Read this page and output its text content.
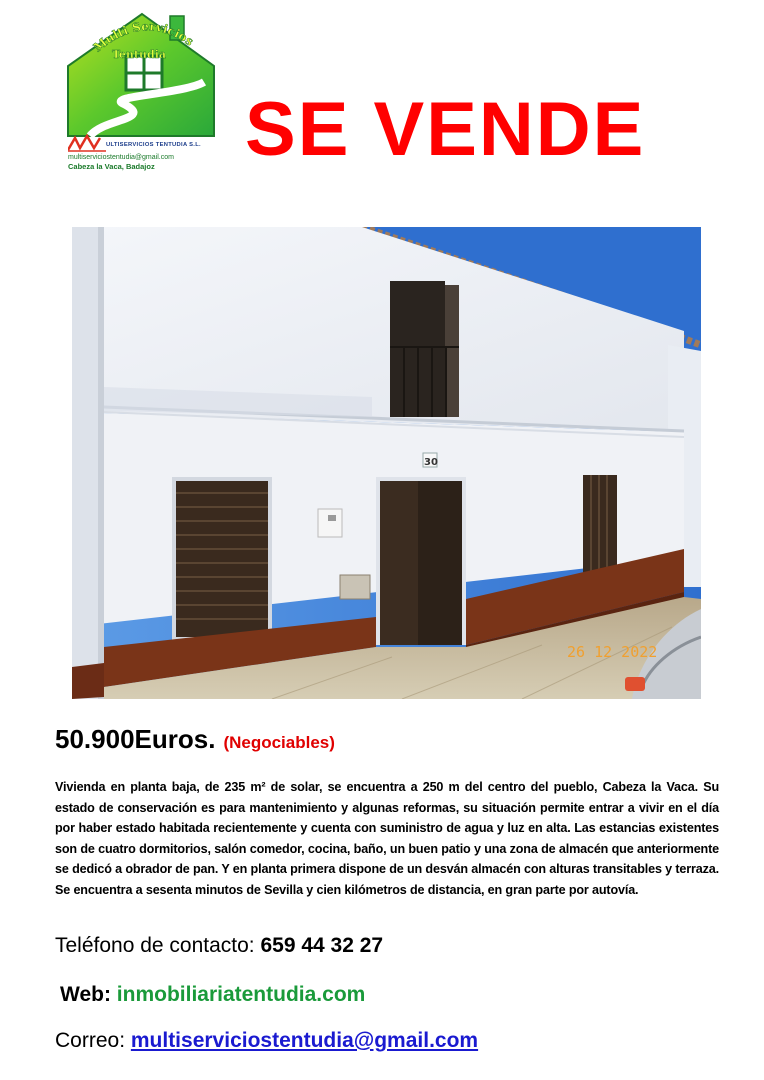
Multi Servicios
Tentudia
ULTISERVICIOS TENTUDIA S.L.
multiserviciostentudia@gmail.com
Cabeza la Vaca, Badajoz SE VENDE
30
26 12 2022
50.900Euros. (Negociables)
Vivienda en planta baja, de 235 m² de solar, se encuentra a 250 m del centro del pueblo, Cabeza la Vaca. Su estado de conservación es para mantenimiento y algunas reformas, su situación permite entrar a vivir en el día por haber estado habitada recientemente y cuenta con suministro de agua y luz en alta. Las estancias existentes son de cuatro dormitorios, salón comedor, cocina, baño, un buen patio y una zona de almacén que anteriormente se dedicó a obrador de pan. Y en planta primera dispone de un desván almacén con alturas transitables y terraza. Se encuentra a sesenta minutos de Sevilla y cien kilómetros de distancia, en gran parte por autovía.
Teléfono de contacto: 659 44 32 27
Web: inmobiliariatentudia.com
Correo: multiserviciostentudia@gmail.com
